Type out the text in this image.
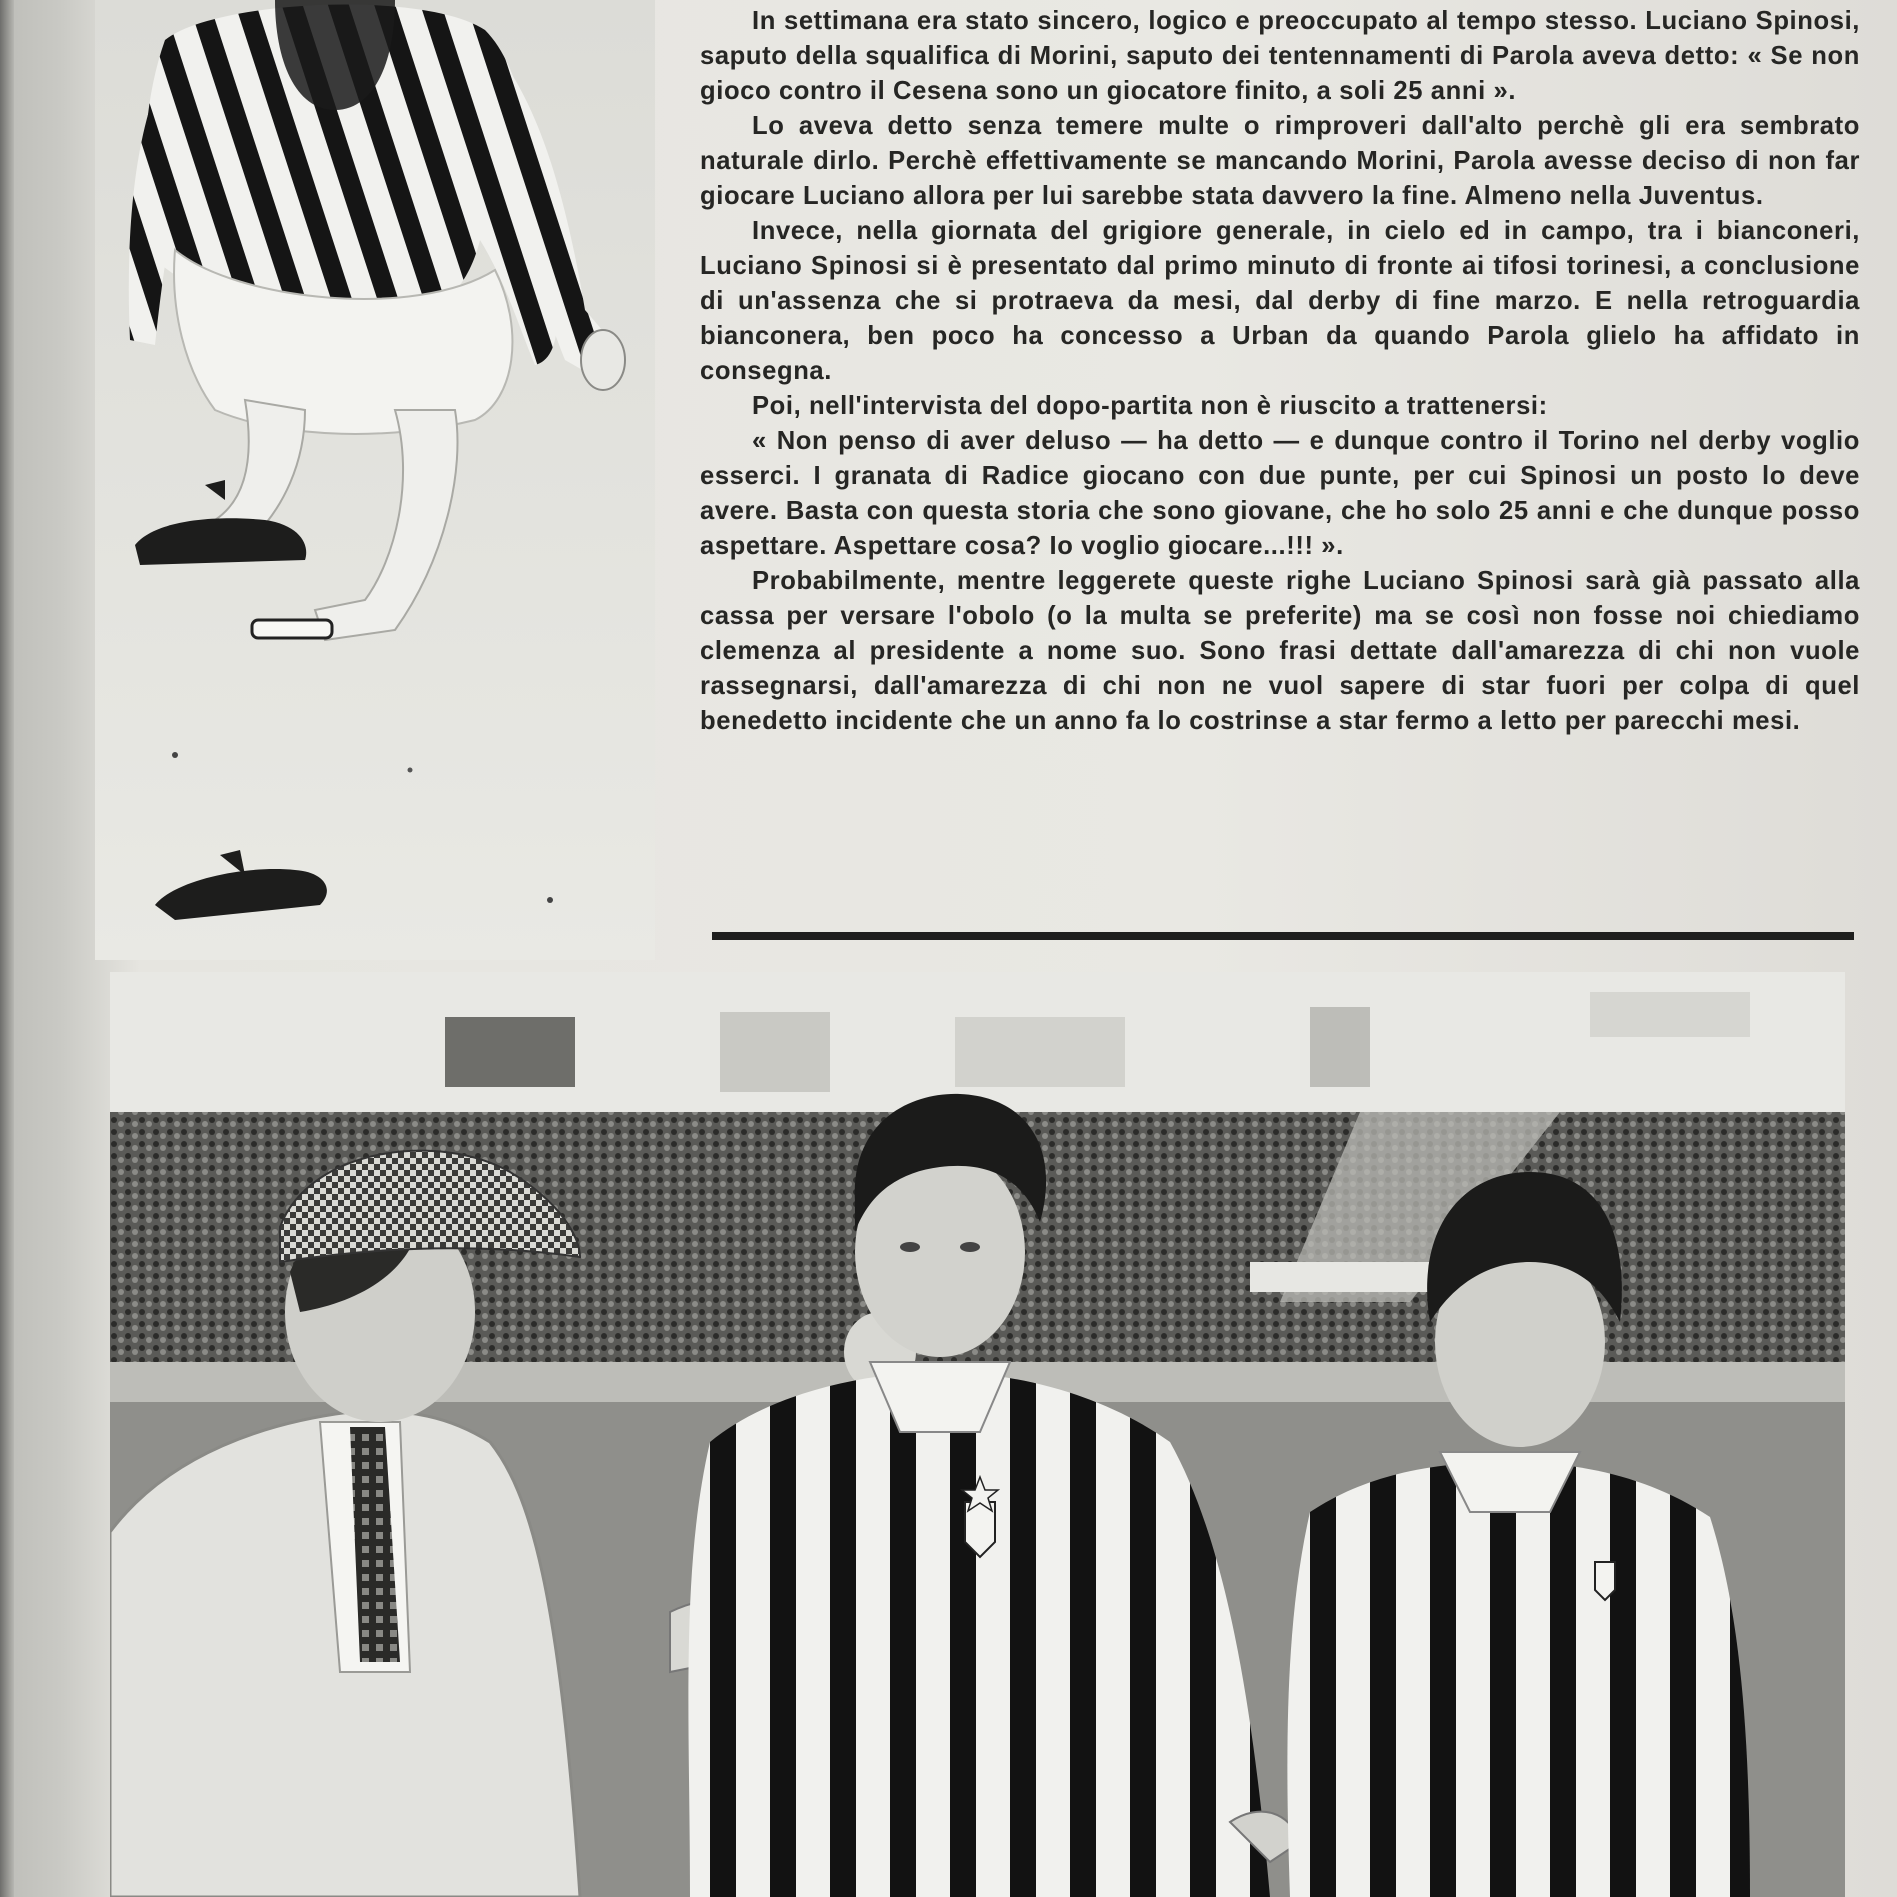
In settimana era stato sincero, logico e preoccupato al tempo stesso. Luciano Spinosi, saputo della squalifica di Morini, saputo dei tentennamenti di Parola aveva detto: « Se non gioco contro il Cesena sono un giocatore finito, a soli 25 anni ».

Lo aveva detto senza temere multe o rimproveri dall'alto perchè gli era sembrato naturale dirlo. Perchè effettivamente se mancando Morini, Parola avesse deciso di non far giocare Luciano allora per lui sarebbe stata davvero la fine. Almeno nella Juventus.

Invece, nella giornata del grigiore generale, in cielo ed in campo, tra i bianconeri, Luciano Spinosi si è presentato dal primo minuto di fronte ai tifosi torinesi, a conclusione di un'assenza che si protraeva da mesi, dal derby di fine marzo. E nella retroguardia bianconera, ben poco ha concesso a Urban da quando Parola glielo ha affidato in consegna.

Poi, nell'intervista del dopo-partita non è riuscito a trattenersi:

« Non penso di aver deluso — ha detto — e dunque contro il Torino nel derby voglio esserci. I granata di Radice giocano con due punte, per cui Spinosi un posto lo deve avere. Basta con questa storia che sono giovane, che ho solo 25 anni e che dunque posso aspettare. Aspettare cosa? Io voglio giocare...!!! ».

Probabilmente, mentre leggerete queste righe Luciano Spinosi sarà già passato alla cassa per versare l'obolo (o la multa se preferite) ma se così non fosse noi chiediamo clemenza al presidente a nome suo. Sono frasi dettate dall'amarezza di chi non vuole rassegnarsi, dall'amarezza di chi non ne vuol sapere di star fuori per colpa di quel benedetto incidente che un anno fa lo costrinse a star fermo a letto per parecchi mesi.
